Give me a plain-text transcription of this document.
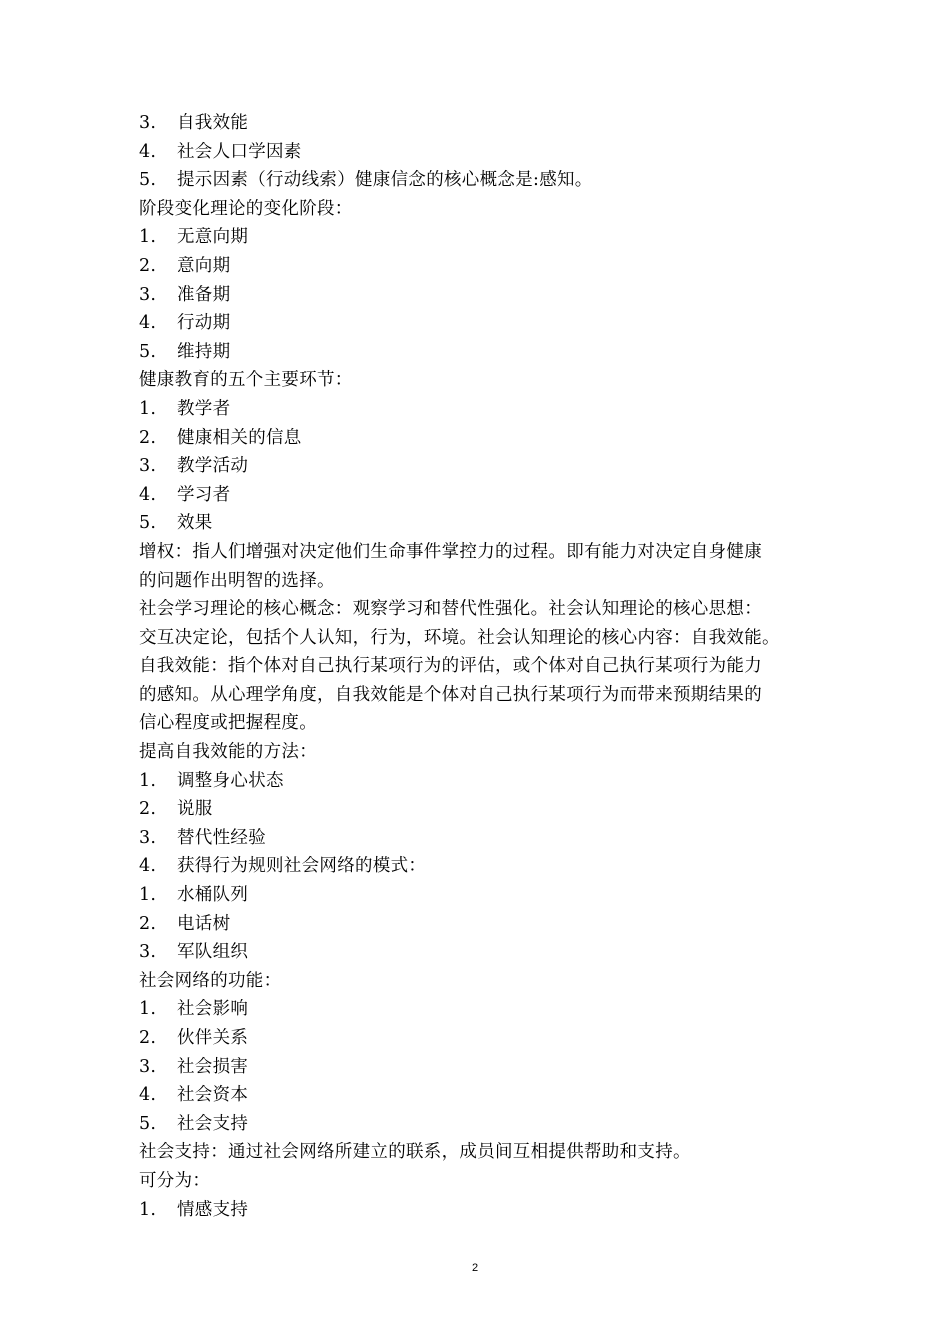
3. 自我效能
4. 社会人口学因素
5. 提示因素（行动线索）健康信念的核心概念是:感知。
阶段变化理论的变化阶段：
1. 无意向期
2. 意向期
3. 准备期
4. 行动期
5. 维持期
健康教育的五个主要环节：
1. 教学者
2. 健康相关的信息
3. 教学活动
4. 学习者
5. 效果
增权：指人们增强对决定他们生命事件掌控力的过程。即有能力对决定自身健康
的问题作出明智的选择。
社会学习理论的核心概念：观察学习和替代性强化。社会认知理论的核心思想：
交互决定论，包括个人认知，行为，环境。社会认知理论的核心内容：自我效能。
自我效能：指个体对自己执行某项行为的评估，或个体对自己执行某项行为能力
的感知。从心理学角度，自我效能是个体对自己执行某项行为而带来预期结果的
信心程度或把握程度。
提高自我效能的方法：
1. 调整身心状态
2. 说服
3. 替代性经验
4. 获得行为规则社会网络的模式：
1. 水桶队列
2. 电话树
3. 军队组织
社会网络的功能：
1. 社会影响
2. 伙伴关系
3. 社会损害
4. 社会资本
5. 社会支持
社会支持：通过社会网络所建立的联系，成员间互相提供帮助和支持。
可分为：
1. 情感支持
2
